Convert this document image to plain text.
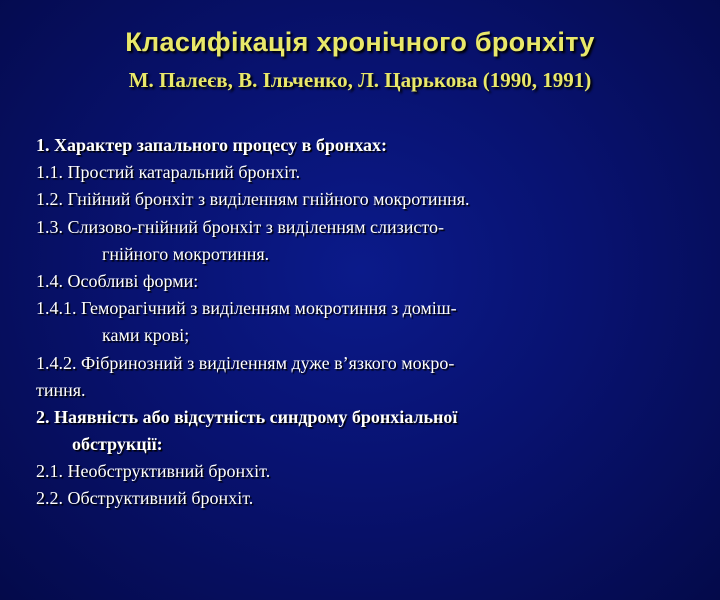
Класифікація хронічного бронхіту
М. Палеєв, В. Ільченко, Л. Царькова (1990, 1991)
1. Характер запального процесу в бронхах:
1.1. Простий катаральний бронхіт.
1.2. Гнійний бронхіт з виділенням гнійного мокротиння.
1.3. Слизово-гнійний бронхіт з виділенням слизисто-
гнійного мокротиння.
1.4. Особливі форми:
1.4.1. Геморагічний з виділенням мокротиння з доміш-
ками крові;
1.4.2. Фібринозний з виділенням дуже в’язкого мокро-
тиння.
2. Наявність або відсутність синдрому бронхіальної
обструкції:
2.1. Необструктивний бронхіт.
2.2. Обструктивний бронхіт.
